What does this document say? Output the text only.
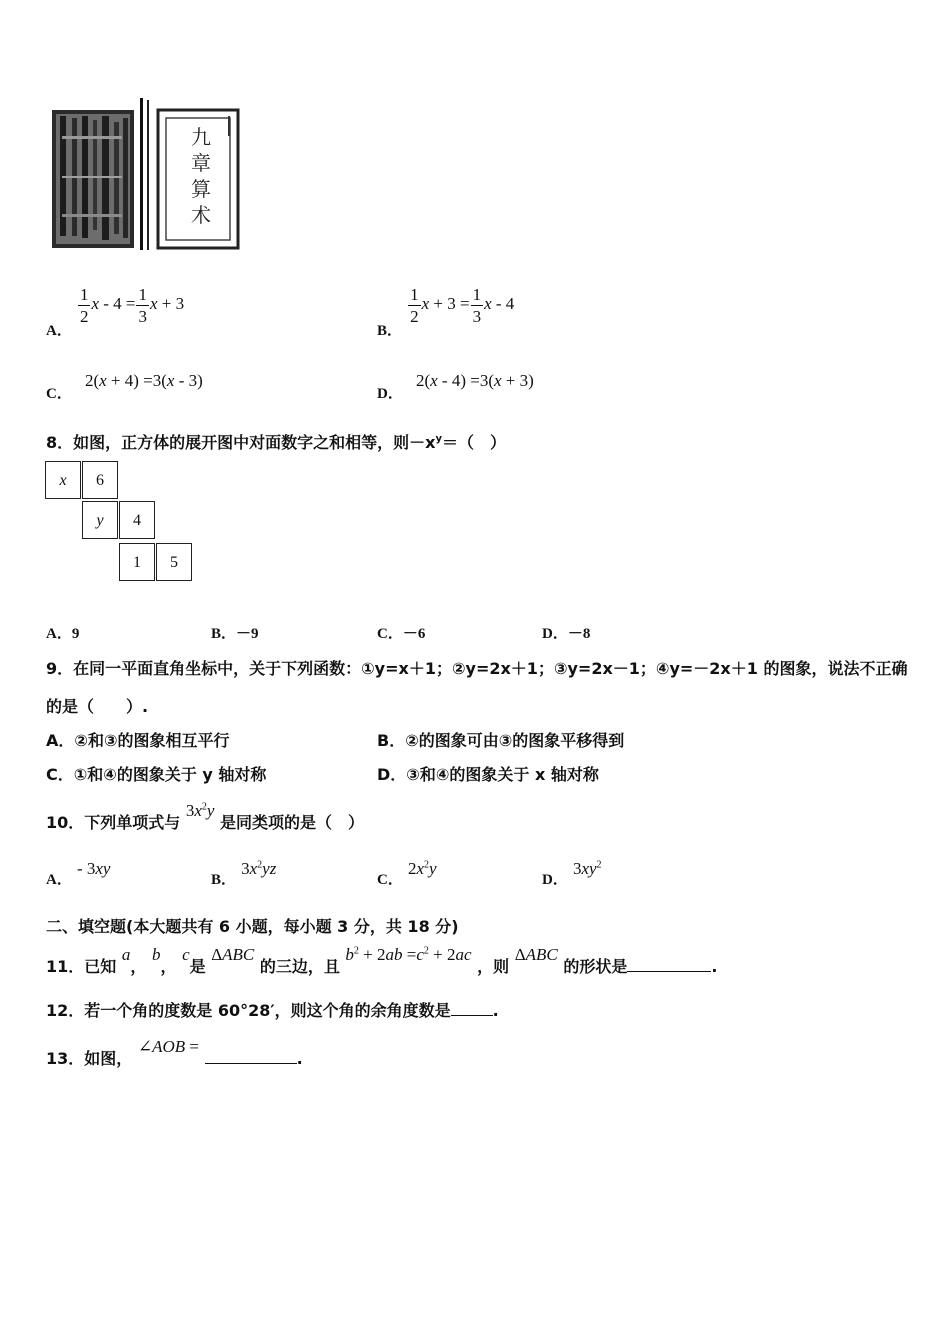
九
章
算
术
A．
$\frac{1}{2}$ $x - 4 = \frac{1}{3}$ x + 3
B．
$\frac{1}{2}$ $x + 3 = \frac{1}{3}$ x - 4
C． 2(x + 4) =3(x - 3)
D． 2(x - 4) =3(x + 3)
8．如图，正方体的展开图中对面数字之和相等，则$-x^y=$（　）
x	6
y	4
1	5
A．9	B．－9	C．－6	D．－8
9．在同一平面直角坐标中，关于下列函数：①y=x＋1；②y=2x＋1；③y=2x－1；④y=－2x＋1 的图象，说法不正确
的是（　　）.
A．②和③的图象相互平行	B．②的图象可由③的图象平移得到
C．①和④的图象关于 y 轴对称	D．③和④的图象关于 x 轴对称
10．下列单项式与 $3x^2y$ 是同类项的是（　）
A． - 3xy
B． $3x^2yz$
C． $2x^2y$
D． $3xy^2$
二、填空题(本大题共有 6 小题，每小题 3 分，共 18 分)
11．已知 a， b， c是 ΔABC 的三边，且 $b^2 + 2ab =c^2 + 2ac$ ，则 ΔABC 的形状是	.
12．若一个角的度数是 60°28′，则这个角的余角度数是	.
13．如图， ∠AOB = .
